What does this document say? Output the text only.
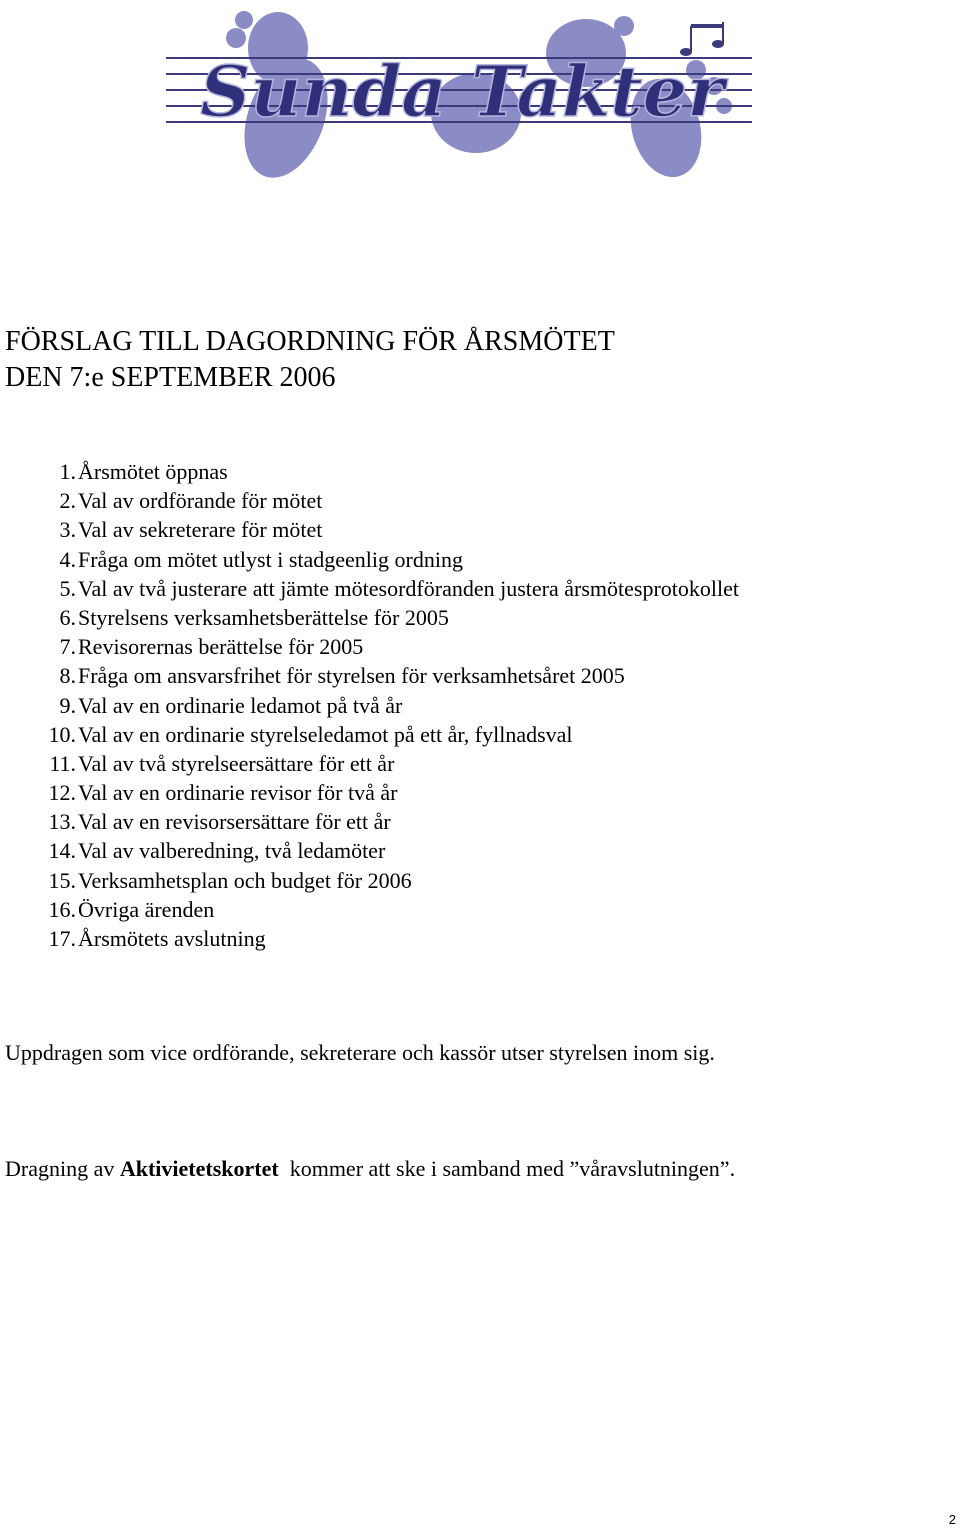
Sunda Takter
FÖRSLAG TILL DAGORDNING FÖR ÅRSMÖTET
DEN 7:e SEPTEMBER 2006
1. Årsmötet öppnas
2. Val av ordförande för mötet
3. Val av sekreterare för mötet
4. Fråga om mötet utlyst i stadgeenlig ordning
5. Val av två justerare att jämte mötesordföranden justera årsmötesprotokollet
6. Styrelsens verksamhetsberättelse för 2005
7. Revisorernas berättelse för 2005
8. Fråga om ansvarsfrihet för styrelsen för verksamhetsåret 2005
9. Val av en ordinarie ledamot på två år
10. Val av en ordinarie styrelseledamot på ett år, fyllnadsval
11. Val av två styrelseersättare för ett år
12. Val av en ordinarie revisor för två år
13. Val av en revisorsersättare för ett år
14. Val av valberedning, två ledamöter
15. Verksamhetsplan och budget för 2006
16. Övriga ärenden
17. Årsmötets avslutning

Uppdragen som vice ordförande, sekreterare och kassör utser styrelsen inom sig.

Dragning av Aktivietetskortet  kommer att ske i samband med ”våravslutningen”.

2
